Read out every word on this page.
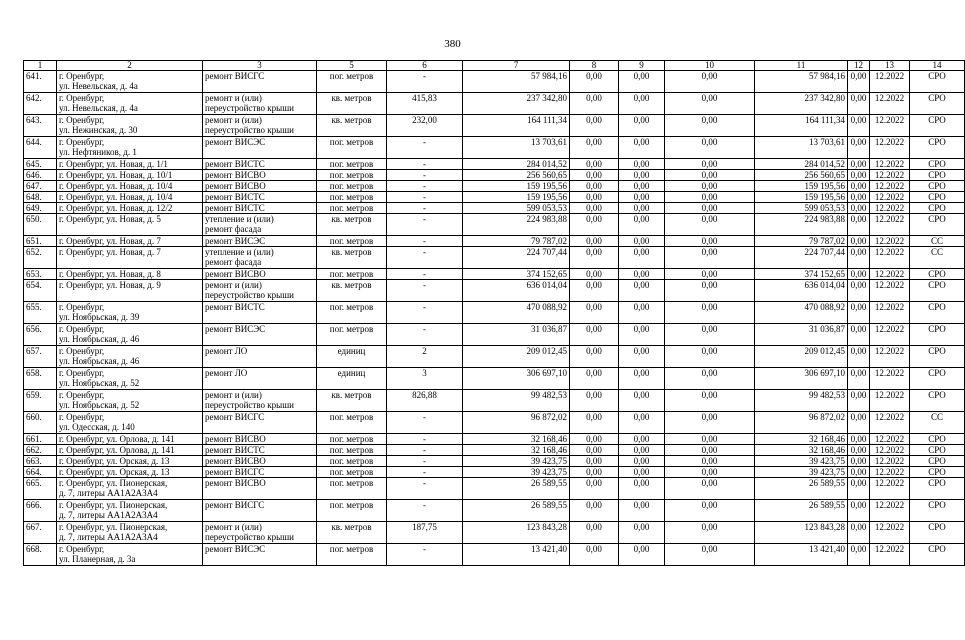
380
1	2	3	5	6	7	8	9	10	11	12	13	14
641.	г. Оренбург,
ул. Невельская, д. 4а	ремонт ВИСГС	пог. метров	-	57 984,16	0,00	0,00	0,00	57 984,16	0,00	12.2022	СРО
642.	г. Оренбург,
ул. Невельская, д. 4а	ремонт и (или)
переустройство крыши	кв. метров	415,83	237 342,80	0,00	0,00	0,00	237 342,80	0,00	12.2022	СРО
643.	г. Оренбург,
ул. Нежинская, д. 30	ремонт и (или)
переустройство крыши	кв. метров	232,00	164 111,34	0,00	0,00	0,00	164 111,34	0,00	12.2022	СРО
644.	г. Оренбург,
ул. Нефтяников, д. 1	ремонт ВИСЭС	пог. метров	-	13 703,61	0,00	0,00	0,00	13 703,61	0,00	12.2022	СРО
645.	г. Оренбург, ул. Новая, д. 1/1	ремонт ВИСТС	пог. метров	-	284 014,52	0,00	0,00	0,00	284 014,52	0,00	12.2022	СРО
646.	г. Оренбург, ул. Новая, д. 10/1	ремонт ВИСВО	пог. метров	-	256 560,65	0,00	0,00	0,00	256 560,65	0,00	12.2022	СРО
647.	г. Оренбург, ул. Новая, д. 10/4	ремонт ВИСВО	пог. метров	-	159 195,56	0,00	0,00	0,00	159 195,56	0,00	12.2022	СРО
648.	г. Оренбург, ул. Новая, д. 10/4	ремонт ВИСТС	пог. метров	-	159 195,56	0,00	0,00	0,00	159 195,56	0,00	12.2022	СРО
649.	г. Оренбург, ул. Новая, д. 12/2	ремонт ВИСТС	пог. метров	-	599 053,53	0,00	0,00	0,00	599 053,53	0,00	12.2022	СРО
650.	г. Оренбург, ул. Новая, д. 5	утепление и (или)
ремонт фасада	кв. метров	-	224 983,88	0,00	0,00	0,00	224 983,88	0,00	12.2022	СРО
651.	г. Оренбург, ул. Новая, д. 7	ремонт ВИСЭС	пог. метров	-	79 787,02	0,00	0,00	0,00	79 787,02	0,00	12.2022	СС
652.	г. Оренбург, ул. Новая, д. 7	утепление и (или)
ремонт фасада	кв. метров	-	224 707,44	0,00	0,00	0,00	224 707,44	0,00	12.2022	СС
653.	г. Оренбург, ул. Новая, д. 8	ремонт ВИСВО	пог. метров	-	374 152,65	0,00	0,00	0,00	374 152,65	0,00	12.2022	СРО
654.	г. Оренбург, ул. Новая, д. 9	ремонт и (или)
переустройство крыши	кв. метров	-	636 014,04	0,00	0,00	0,00	636 014,04	0,00	12.2022	СРО
655.	г. Оренбург,
ул. Ноябрьская, д. 39	ремонт ВИСТС	пог. метров	-	470 088,92	0,00	0,00	0,00	470 088,92	0,00	12.2022	СРО
656.	г. Оренбург,
ул. Ноябрьская, д. 46	ремонт ВИСЭС	пог. метров	-	31 036,87	0,00	0,00	0,00	31 036,87	0,00	12.2022	СРО
657.	г. Оренбург,
ул. Ноябрьская, д. 46	ремонт ЛО	единиц	2	209 012,45	0,00	0,00	0,00	209 012,45	0,00	12.2022	СРО
658.	г. Оренбург,
ул. Ноябрьская, д. 52	ремонт ЛО	единиц	3	306 697,10	0,00	0,00	0,00	306 697,10	0,00	12.2022	СРО
659.	г. Оренбург,
ул. Ноябрьская, д. 52	ремонт и (или)
переустройство крыши	кв. метров	826,88	99 482,53	0,00	0,00	0,00	99 482,53	0,00	12.2022	СРО
660.	г. Оренбург,
ул. Одесская, д. 140	ремонт ВИСГС	пог. метров	-	96 872,02	0,00	0,00	0,00	96 872,02	0,00	12.2022	СС
661.	г. Оренбург, ул. Орлова, д. 141	ремонт ВИСВО	пог. метров	-	32 168,46	0,00	0,00	0,00	32 168,46	0,00	12.2022	СРО
662.	г. Оренбург, ул. Орлова, д. 141	ремонт ВИСТС	пог. метров	-	32 168,46	0,00	0,00	0,00	32 168,46	0,00	12.2022	СРО
663.	г. Оренбург, ул. Орская, д. 13	ремонт ВИСВО	пог. метров	-	39 423,75	0,00	0,00	0,00	39 423,75	0,00	12.2022	СРО
664.	г. Оренбург, ул. Орская, д. 13	ремонт ВИСГС	пог. метров	-	39 423,75	0,00	0,00	0,00	39 423,75	0,00	12.2022	СРО
665.	г. Оренбург, ул. Пионерская,
д. 7, литеры АА1А2А3А4	ремонт ВИСВО	пог. метров	-	26 589,55	0,00	0,00	0,00	26 589,55	0,00	12.2022	СРО
666.	г. Оренбург, ул. Пионерская,
д. 7, литеры АА1А2А3А4	ремонт ВИСГС	пог. метров	-	26 589,55	0,00	0,00	0,00	26 589,55	0,00	12.2022	СРО
667.	г. Оренбург, ул. Пионерская,
д. 7, литеры АА1А2А3А4	ремонт и (или)
переустройство крыши	кв. метров	187,75	123 843,28	0,00	0,00	0,00	123 843,28	0,00	12.2022	СРО
668.	г. Оренбург,
ул. Планерная, д. 3а	ремонт ВИСЭС	пог. метров	-	13 421,40	0,00	0,00	0,00	13 421,40	0,00	12.2022	СРО
